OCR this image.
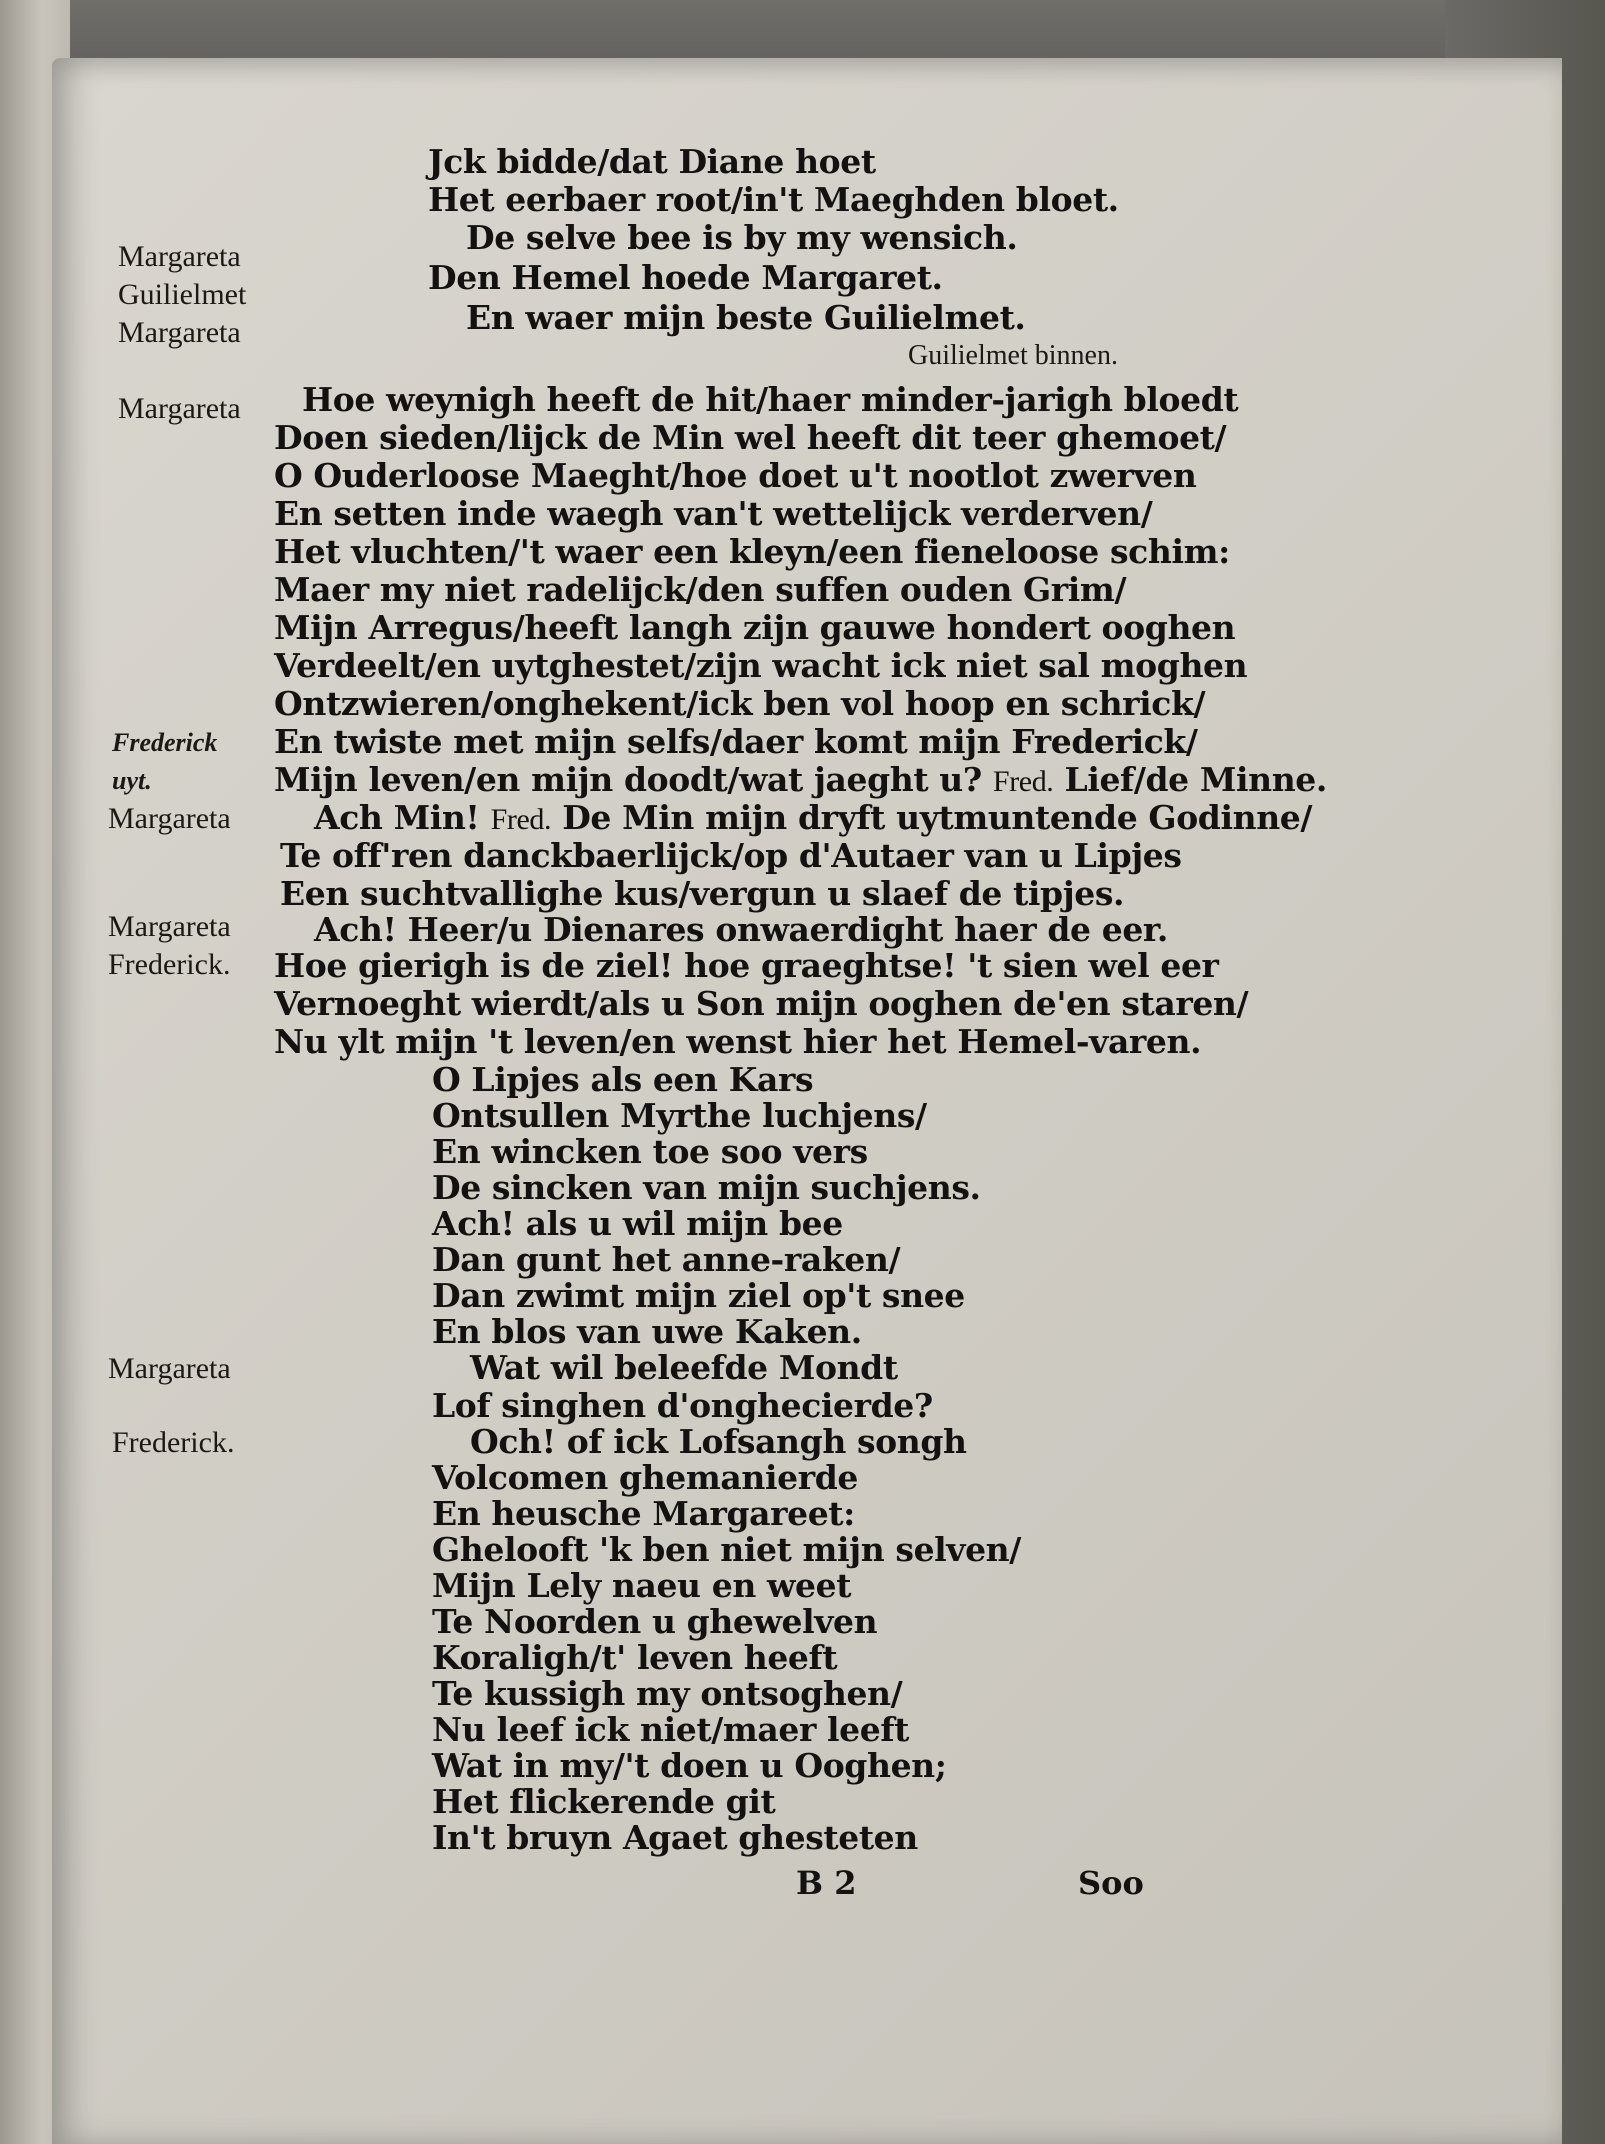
Jck bidde/dat Diane hoet
Het eerbaer root/in't Maeghden bloet.
Margareta	De selve bee is by my wensich.
Guilielmet	Den Hemel hoede Margaret.
Margareta	En waer mijn beste Guilielmet.
Guilielmet binnen.
Margareta Hoe weynigh heeft de hit/haer minder-jarigh bloedt
Doen sieden/lijck de Min wel heeft dit teer ghemoet/
O Ouderloose Maeght/hoe doet u't nootlot zwerven
En setten inde waegh van't wettelijck verderven/
Het vluchten/'t waer een kleyn/een fieneloose schim:
Maer my niet radelijck/den suffen ouden Grim/
Mijn Arregus/heeft langh zijn gauwe hondert ooghen
Verdeelt/en uytghestet/zijn wacht ick niet sal moghen
Ontzwieren/onghekent/ick ben vol hoop en schrick/
Frederick En twiste met mijn selfs/daer komt mijn Frederick/
uyt.	Mijn leven/en mijn doodt/wat jaeght u? Fred. Lief/de Minne.
Margareta	Ach Min! Fred. De Min mijn dryft uytmuntende Godinne/
Te off'ren danckbaerlijck/op d'Autaer van u Lipjes
Een suchtvallighe kus/vergun u slaef de tipjes.
Margareta	Ach! Heer/u Dienares onwaerdight haer de eer.
Frederick. Hoe gierigh is de ziel! hoe graeghtse! 't sien wel eer
Vernoeght wierdt/als u Son mijn ooghen de'en staren/
Nu ylt mijn 't leven/en wenst hier het Hemel-varen.
O Lipjes als een Kars
Ontsullen Myrthe luchjens/
En wincken toe soo vers
De sincken van mijn suchjens.
Ach! als u wil mijn bee
Dan gunt het anne-raken/
Dan zwimt mijn ziel op't snee
En blos van uwe Kaken.
Margareta	Wat wil beleefde Mondt
Lof singhen d'onghecierde?
Frederick.	Och! of ick Lofsangh songh
Volcomen ghemanierde
En heusche Margareet:
Ghelooft 'k ben niet mijn selven/
Mijn Lely naeu en weet
Te Noorden u ghewelven
Koraligh/t' leven heeft
Te kussigh my ontsoghen/
Nu leef ick niet/maer leeft
Wat in my/'t doen u Ooghen;
Het flickerende git
In't bruyn Agaet ghesteten
B 2	Soo
